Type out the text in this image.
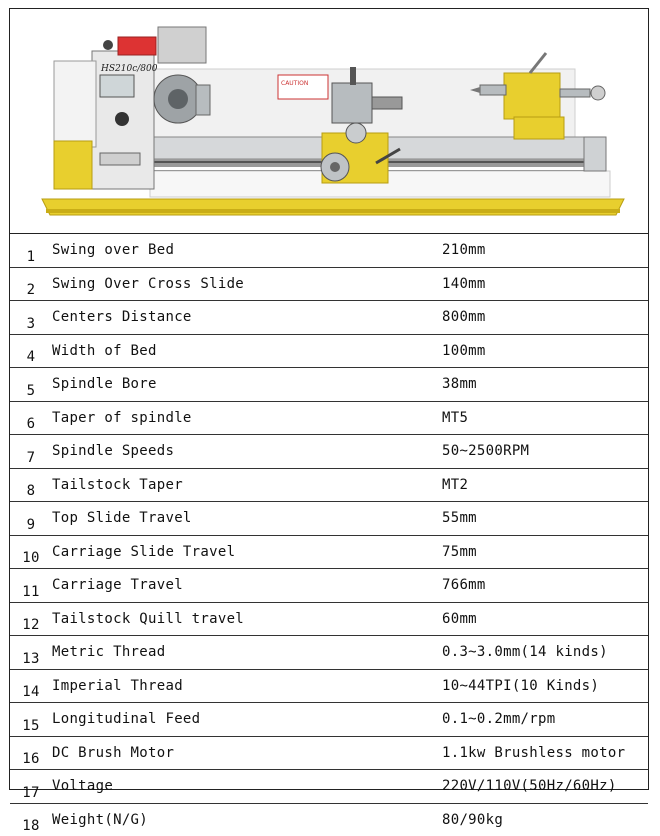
HS210c/800
CAUTION
1	Swing over Bed	210mm
2	Swing Over Cross Slide	140mm
3	Centers Distance	800mm
4	Width of Bed	100mm
5	Spindle Bore	38mm
6	Taper of spindle	MT5
7	Spindle Speeds	50~2500RPM
8	Tailstock Taper	MT2
9	Top Slide Travel	55mm
10	Carriage Slide Travel	75mm
11	Carriage Travel	766mm
12	Tailstock Quill travel	60mm
13	Metric Thread	0.3~3.0mm(14 kinds)
14	Imperial Thread	10~44TPI(10 Kinds)
15	Longitudinal Feed	0.1~0.2mm/rpm
16	DC Brush Motor	1.1kw Brushless motor
17	Voltage	220V/110V(50Hz/60Hz)
18	Weight(N/G)	80/90kg
